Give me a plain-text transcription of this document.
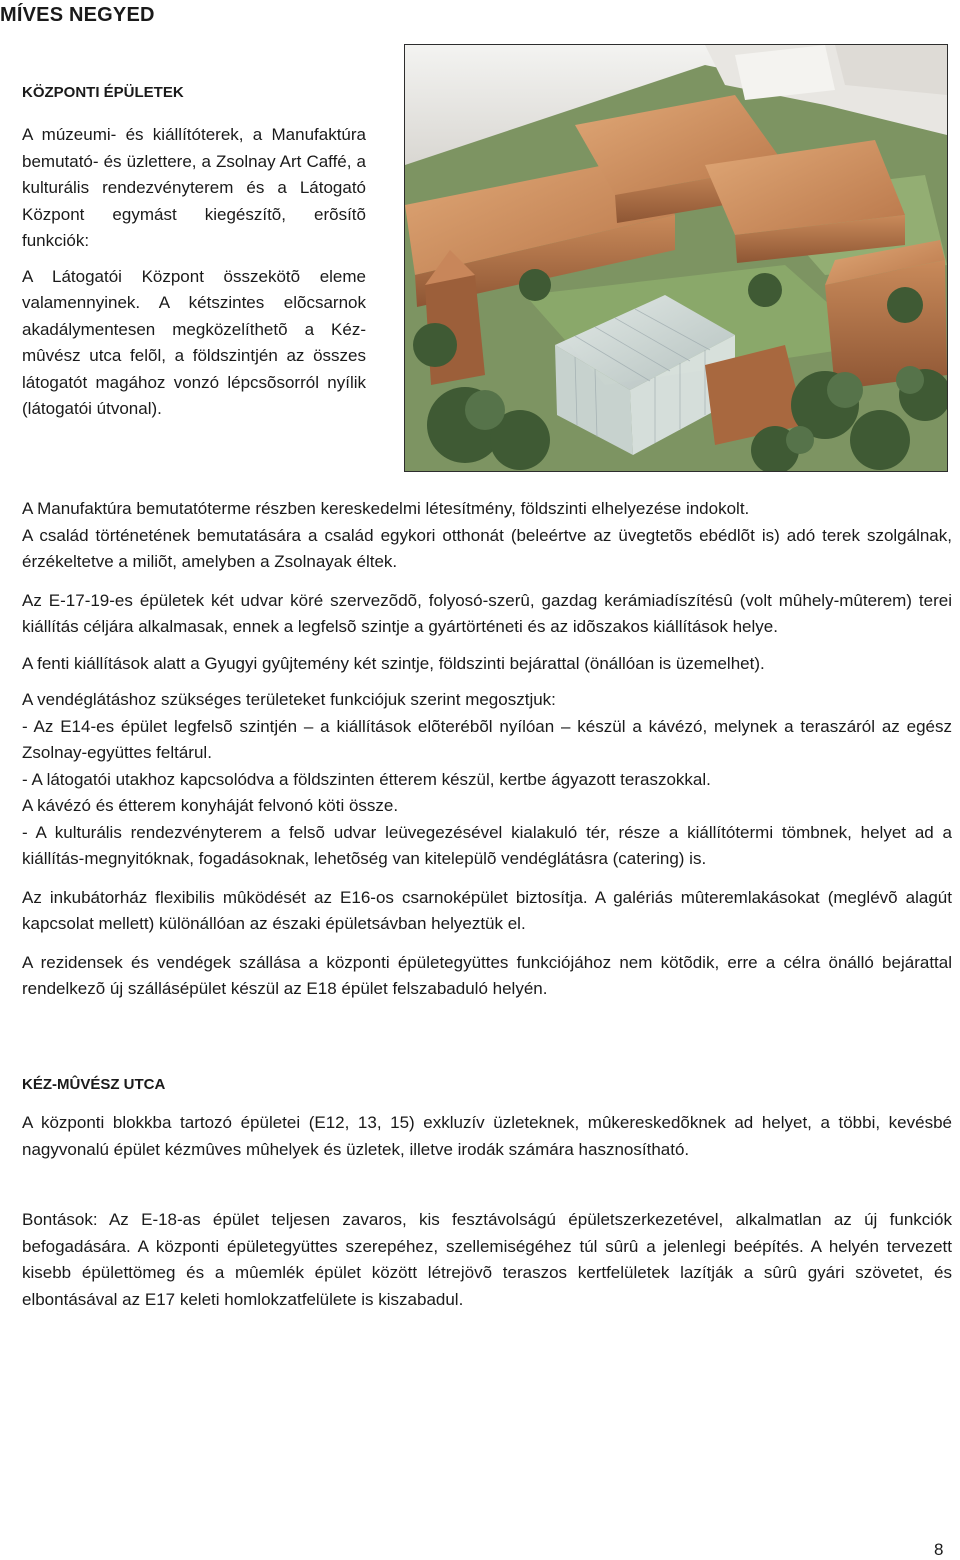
MÍVES NEGYED
KÖZPONTI ÉPÜLETEK

A múzeumi- és kiállítóterek, a Manufaktúra bemutató- és üzlettere, a Zsolnay Art Caffé, a kulturális rendezvényterem és a Látogató Központ egymást kiegészítõ, erõsítõ funkciók:

A Látogatói Központ összekötõ eleme valamennyinek. A kétszintes elõcsarnok akadálymentesen megközelíthetõ a Kéz-mûvész utca felõl, a földszintjén az összes látogatót magához vonzó lépcsõsorról nyílik (látogatói útvonal).

A Manufaktúra bemutatóterme részben kereskedelmi létesítmény, földszinti elhelyezése indokolt.

A család történetének bemutatására a család egykori otthonát (beleértve az üvegtetõs ebédlõt is) adó terek szolgálnak, érzékeltetve a miliõt, amelyben a Zsolnayak éltek.

Az E-17-19-es épületek két udvar köré szervezõdõ, folyosó-szerû, gazdag kerámiadíszítésû (volt mûhely-mûterem) terei kiállítás céljára alkalmasak, ennek a legfelsõ szintje a gyártörténeti és az idõszakos kiállítások helye.

A fenti kiállítások alatt a Gyugyi gyûjtemény két szintje, földszinti bejárattal (önállóan is üzemelhet).

A vendéglátáshoz szükséges területeket funkciójuk szerint megosztjuk:

- Az E14-es épület legfelsõ szintjén – a kiállítások elõterébõl nyílóan – készül a kávézó, melynek a teraszáról az egész Zsolnay-együttes feltárul.

- A látogatói utakhoz kapcsolódva a földszinten étterem készül, kertbe ágyazott teraszokkal.

A kávézó és étterem konyháját felvonó köti össze.

- A kulturális rendezvényterem a felsõ udvar leüvegezésével kialakuló tér, része a kiállítótermi tömbnek, helyet ad a kiállítás-megnyitóknak, fogadásoknak, lehetõség van kitelepülõ vendéglátásra (catering) is.

Az inkubátorház flexibilis mûködését az E16-os csarnoképület biztosítja. A galériás mûteremlakásokat (meglévõ alagút kapcsolat mellett) különállóan az északi épületsávban helyeztük el.

A rezidensek és vendégek szállása a központi épületegyüttes funkciójához nem kötõdik, erre a célra önálló bejárattal rendelkezõ új szállásépület készül az E18 épület felszabaduló helyén.

KÉZ-MÛVÉSZ UTCA

A központi blokkba tartozó épületei (E12, 13, 15) exkluzív üzleteknek, mûkereskedõknek ad helyet, a többi, kevésbé nagyvonalú épület kézmûves mûhelyek és üzletek, illetve irodák számára hasznosítható.

Bontások: Az E-18-as épület teljesen zavaros, kis fesztávolságú épületszerkezetével, alkalmatlan az új funkciók befogadására. A központi épületegyüttes szerepéhez, szellemiségéhez túl sûrû a jelenlegi beépítés. A helyén tervezett kisebb épülettömeg és a mûemlék épület között létrejövõ teraszos kertfelületek lazítják a sûrû gyári szövetet, és elbontásával az E17 keleti homlokzatfelülete is kiszabadul.

8
